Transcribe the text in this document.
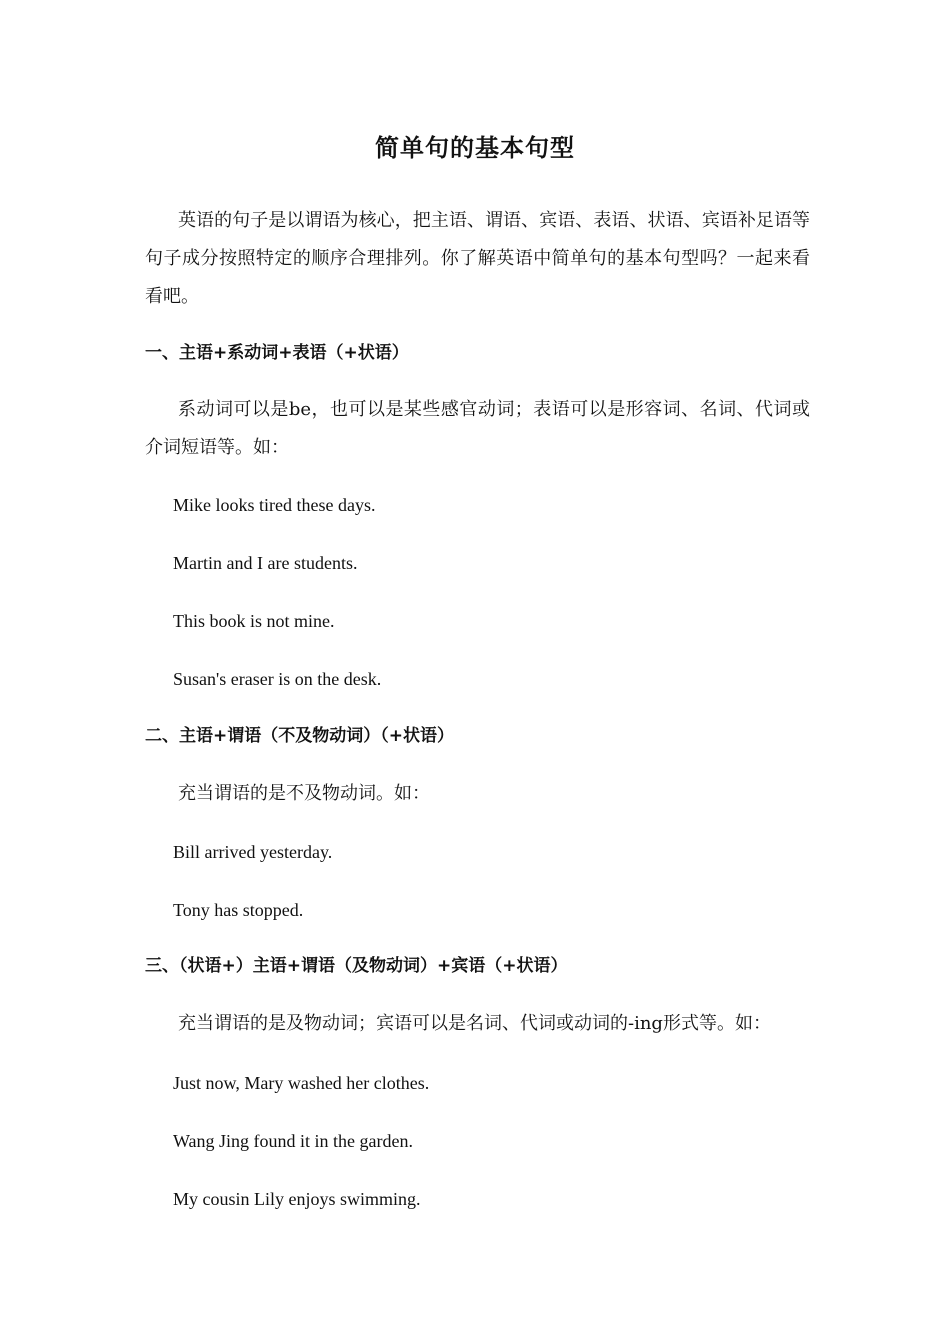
简单句的基本句型

英语的句子是以谓语为核心，把主语、谓语、宾语、表语、状语、宾语补足语等句子成分按照特定的顺序合理排列。你了解英语中简单句的基本句型吗？一起来看看吧。

一、主语+系动词+表语（+状语）

系动词可以是be，也可以是某些感官动词；表语可以是形容词、名词、代词或介词短语等。如：

Mike looks tired these days.

Martin and I are students.

This book is not mine.

Susan's eraser is on the desk.

二、主语+谓语（不及物动词）（+状语）

充当谓语的是不及物动词。如：

Bill arrived yesterday.

Tony has stopped.

三、（状语+）主语+谓语（及物动词）+宾语（+状语）

充当谓语的是及物动词；宾语可以是名词、代词或动词的-ing形式等。如：

Just now, Mary washed her clothes.

Wang Jing found it in the garden.

My cousin Lily enjoys swimming.
